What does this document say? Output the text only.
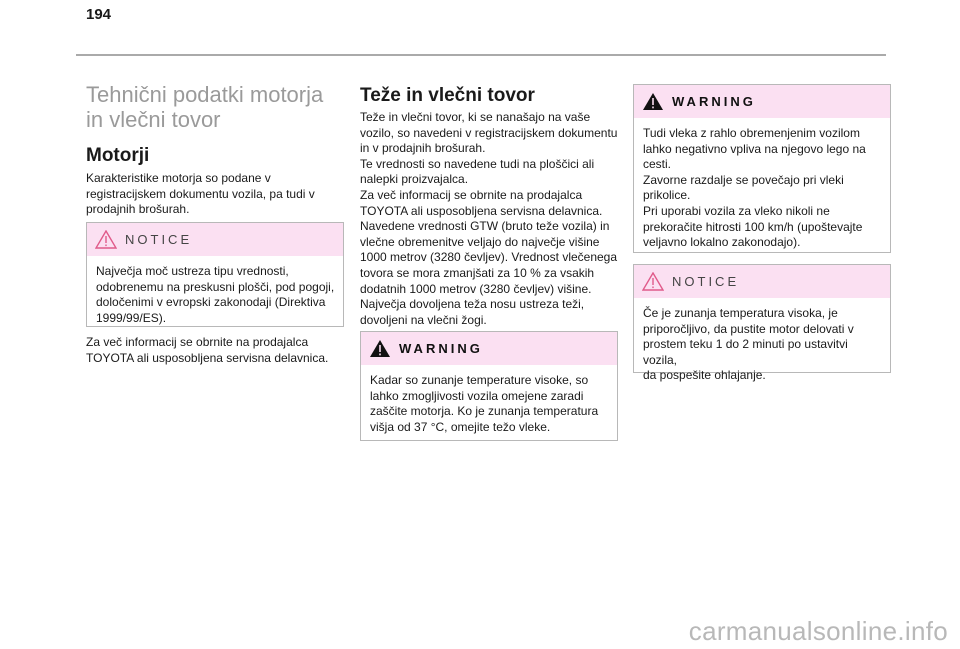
194
Tehnični podatki motorja
in vlečni tovor
Motorji
Karakteristike motorja so podane v
registracijskem dokumentu vozila, pa tudi v
prodajnih brošurah.
NOTICE
Največja moč ustreza tipu vrednosti,
odobrenemu na preskusni plošči, pod pogoji,
določenimi v evropski zakonodaji (Direktiva
1999/99/ES).
Za več informacij se obrnite na prodajalca
TOYOTA ali usposobljena servisna delavnica.
Teže in vlečni tovor
Teže in vlečni tovor, ki se nanašajo na vaše
vozilo, so navedeni v registracijskem dokumentu
in v prodajnih brošurah.
Te vrednosti so navedene tudi na ploščici ali
nalepki proizvajalca.
Za več informacij se obrnite na prodajalca
TOYOTA ali usposobljena servisna delavnica.
Navedene vrednosti GTW (bruto teže vozila) in
vlečne obremenitve veljajo do največje višine
1000 metrov (3280 čevljev). Vrednost vlečenega
tovora se mora zmanjšati za 10 % za vsakih
dodatnih 1000 metrov (3280 čevljev) višine.
Največja dovoljena teža nosu ustreza teži,
dovoljeni na vlečni žogi.
WARNING
Kadar so zunanje temperature visoke, so
lahko zmogljivosti vozila omejene zaradi
zaščite motorja. Ko je zunanja temperatura
višja od 37 °C, omejite težo vleke.
WARNING
Tudi vleka z rahlo obremenjenim vozilom
lahko negativno vpliva na njegovo lego na
cesti.
Zavorne razdalje se povečajo pri vleki
prikolice.
Pri uporabi vozila za vleko nikoli ne
prekoračite hitrosti 100 km/h (upoštevajte
veljavno lokalno zakonodajo).
NOTICE
Če je zunanja temperatura visoka, je
priporočljivo, da pustite motor delovati v
prostem teku 1 do 2 minuti po ustavitvi vozila,
da pospešite ohlajanje.
carmanualsonline.info
